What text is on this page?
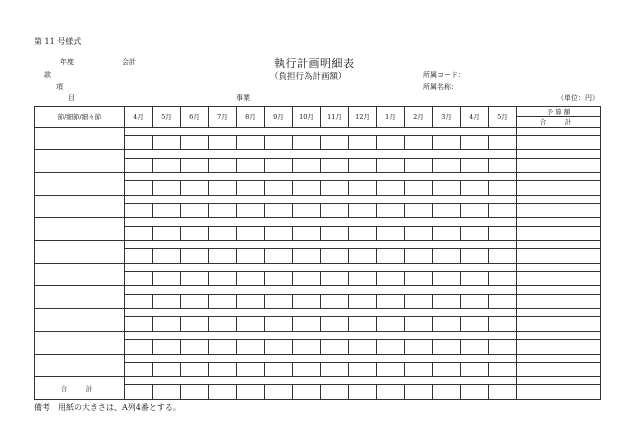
第 11 号様式
年度	会計	執行計画明細表
（負担行為計画額）
款
項
目	事業
所属コード：
所属名称：
（単位：円）
節/細節/細々節	4月	5月	6月	7月	8月	9月	10月	11月	12月	1月	2月	3月	4月	5月	予 算 額
															合　計

合　計															

備考　用紙の大きさは、A列4番とする。
